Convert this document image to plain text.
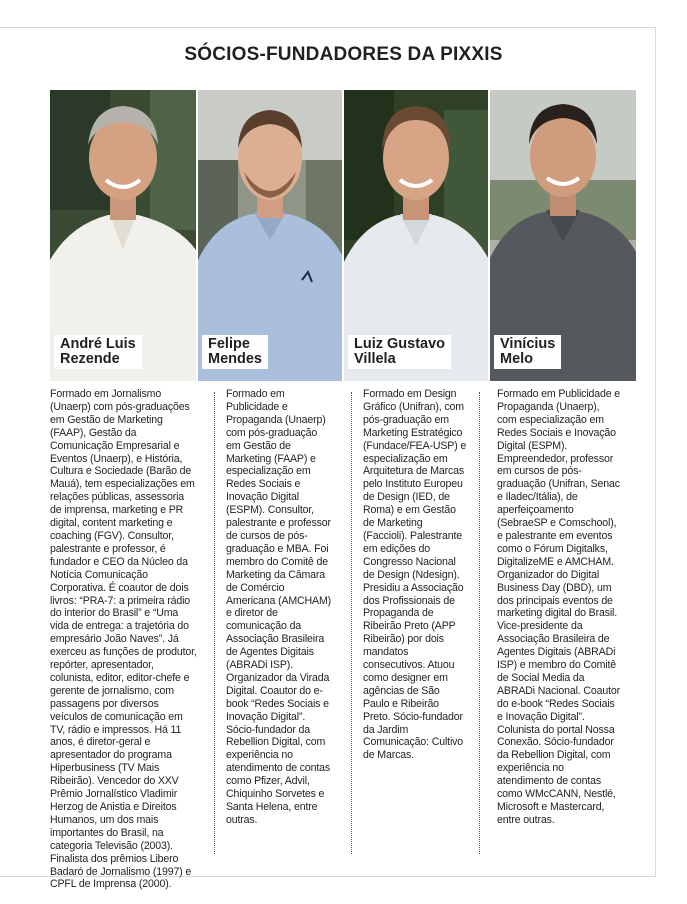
SÓCIOS-FUNDADORES DA PIXXIS
André Luis
Rezende
Felipe
Mendes
Luiz Gustavo
Villela
Vinícius
Melo
Formado em Jornalismo (Unaerp) com pós-graduações em Gestão de Marketing (FAAP), Gestão da Comunicação Empresarial e Eventos (Unaerp), e História, Cultura e Sociedade (Barão de Mauá), tem especializações em relações públicas, assessoria de imprensa, marketing e PR digital, content marketing e coaching (FGV). Consultor, palestrante e professor, é fundador e CEO da Núcleo da Notícia Comunicação Corporativa. É coautor de dois livros: “PRA-7: a primeira rádio do interior do Brasil” e “Uma vida de entrega: a trajetória do empresário João Naves”. Já exerceu as funções de produtor, repórter, apresentador, colunista, editor, editor-chefe e gerente de jornalismo, com passagens por diversos veículos de comunicação em TV, rádio e impressos. Há 11 anos, é diretor-geral e apresentador do programa Hiperbusiness (TV Mais Ribeirão). Vencedor do XXV Prêmio Jornalístico Vladimir Herzog de Anistia e Direitos Humanos, um dos mais importantes do Brasil, na categoria Televisão (2003). Finalista dos prêmios Libero Badaró de Jornalismo (1997) e CPFL de Imprensa (2000).
Formado em Publicidade e Propaganda (Unaerp) com pós-graduação em Gestão de Marketing (FAAP) e especialização em Redes Sociais e Inovação Digital (ESPM). Consultor, palestrante e professor de cursos de pós-graduação e MBA. Foi membro do Comitê de Marketing da Câmara de Comércio Americana (AMCHAM) e diretor de comunicação da Associação Brasileira de Agentes Digitais (ABRADi ISP). Organizador da Virada Digital. Coautor do e-book “Redes Sociais e Inovação Digital”. Sócio-fundador da Rebellion Digital, com experiência no atendimento de contas como Pfizer, Advil, Chiquinho Sorvetes e Santa Helena, entre outras.
Formado em Design Gráfico (Unifran), com pós-graduação em Marketing Estratégico (Fundace/FEA-USP) e especialização em Arquitetura de Marcas pelo Instituto Europeu de Design (IED, de Roma) e em Gestão de Marketing (Faccioli). Palestrante em edições do Congresso Nacional de Design (Ndesign). Presidiu a Associação dos Profissionais de Propaganda de Ribeirão Preto (APP Ribeirão) por dois mandatos consecutivos. Atuou como designer em agências de São Paulo e Ribeirão Preto. Sócio-fundador da Jardim Comunicação: Cultivo de Marcas.
Formado em Publicidade e Propaganda (Unaerp), com especialização em Redes Sociais e Inovação Digital (ESPM). Empreendedor, professor em cursos de pós-graduação (Unifran, Senac e Iladec/Itália), de aperfeiçoamento (SebraeSP e Comschool), e palestrante em eventos como o Fórum Digitalks, DigitalizeME e AMCHAM. Organizador do Digital Business Day (DBD), um dos principais eventos de marketing digital do Brasil. Vice-presidente da Associação Brasileira de Agentes Digitais (ABRADi ISP) e membro do Comitê de Social Media da ABRADi Nacional. Coautor do e-book “Redes Sociais e Inovação Digital”. Colunista do portal Nossa Conexão. Sócio-fundador da Rebellion Digital, com experiência no atendimento de contas como WMcCANN, Nestlé, Microsoft e Mastercard, entre outras.
